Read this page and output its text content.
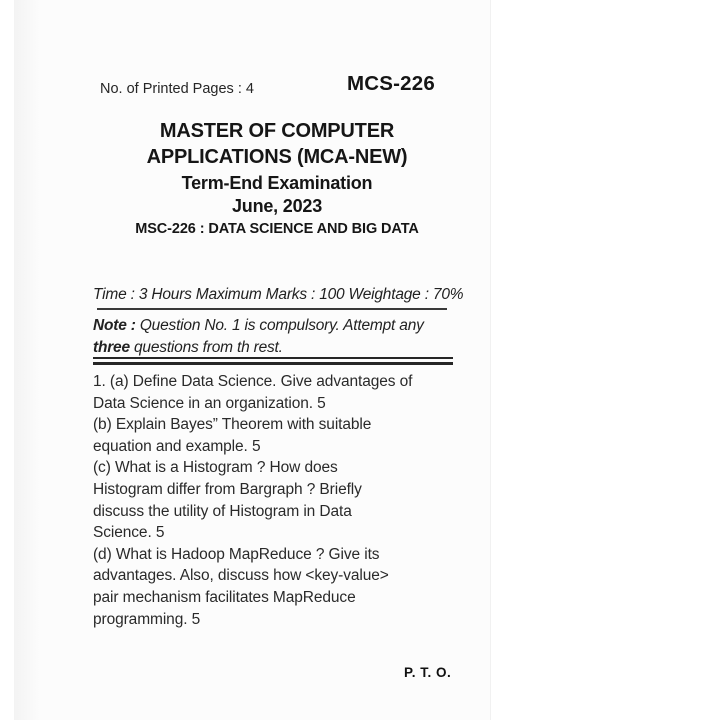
No. of Printed Pages : 4	MCS-226
MASTER OF COMPUTER
APPLICATIONS (MCA-NEW)
Term-End Examination
June, 2023
MSC-226 : DATA SCIENCE AND BIG DATA
Time : 3 Hours Maximum Marks : 100 Weightage : 70%
Note : Question No. 1 is compulsory. Attempt any
three questions from th rest.
1. (a) Define Data Science. Give advantages of
Data Science in an organization. 5
(b) Explain Bayes” Theorem with suitable
equation and example. 5
(c) What is a Histogram ? How does
Histogram differ from Bargraph ? Briefly
discuss the utility of Histogram in Data
Science. 5
(d) What is Hadoop MapReduce ? Give its
advantages. Also, discuss how <key-value>
pair mechanism facilitates MapReduce
programming. 5
P. T. O.
